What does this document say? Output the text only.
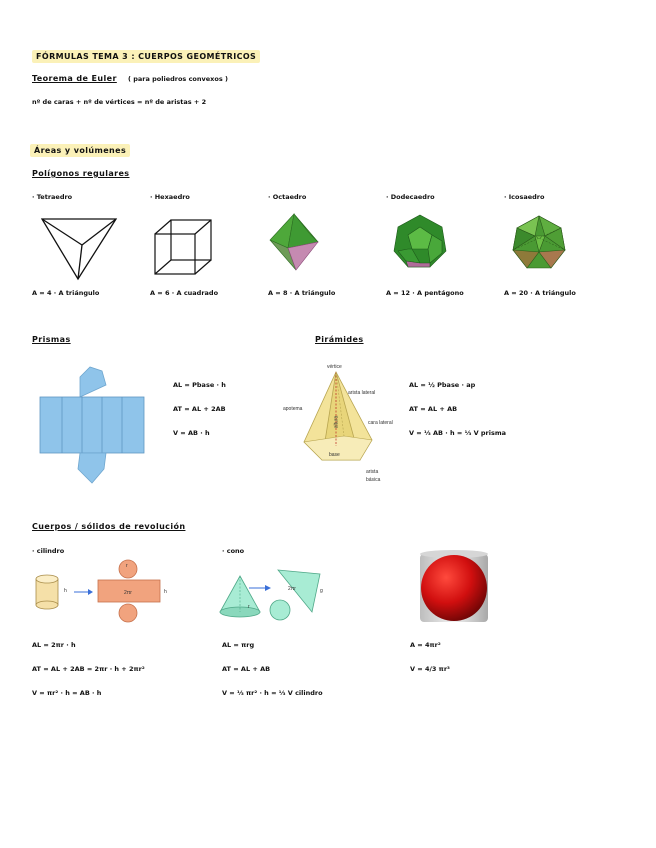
FÓRMULAS TEMA 3 : CUERPOS GEOMÉTRICOS
Teorema de Euler ( para poliedros convexos )
nº de caras + nº de vértices = nº de aristas + 2
Áreas y volúmenes
Polígonos regulares
· Tetraedro	· Hexaedro	· Octaedro	· Dodecaedro	· Icosaedro
A = 4 · A triángulo	A = 6 · A cuadrado	A = 8 · A triángulo	A = 12 · A pentágono	A = 20 · A triángulo
Prismas
AL = Pbase · h
AT = AL + 2AB
V = AB · h
Pirámides
vértice
arista lateral
apotema
altura	cara lateral
base
arista
básica
AL = ½ Pbase · ap
AT = AL + AB
V = ⅓ AB · h = ⅓ V prisma
Cuerpos / sólidos de revolución
· cilindro
h	2πr
r
h
AL = 2πr · h
AT = AL + 2AB = 2πr · h + 2πr²
V = πr² · h = AB · h
· cono
2πr	g
r
AL = πrg
AT = AL + AB
V = ⅓ πr² · h = ⅓ V cilindro
A = 4πr²
V = 4/3 πr³
